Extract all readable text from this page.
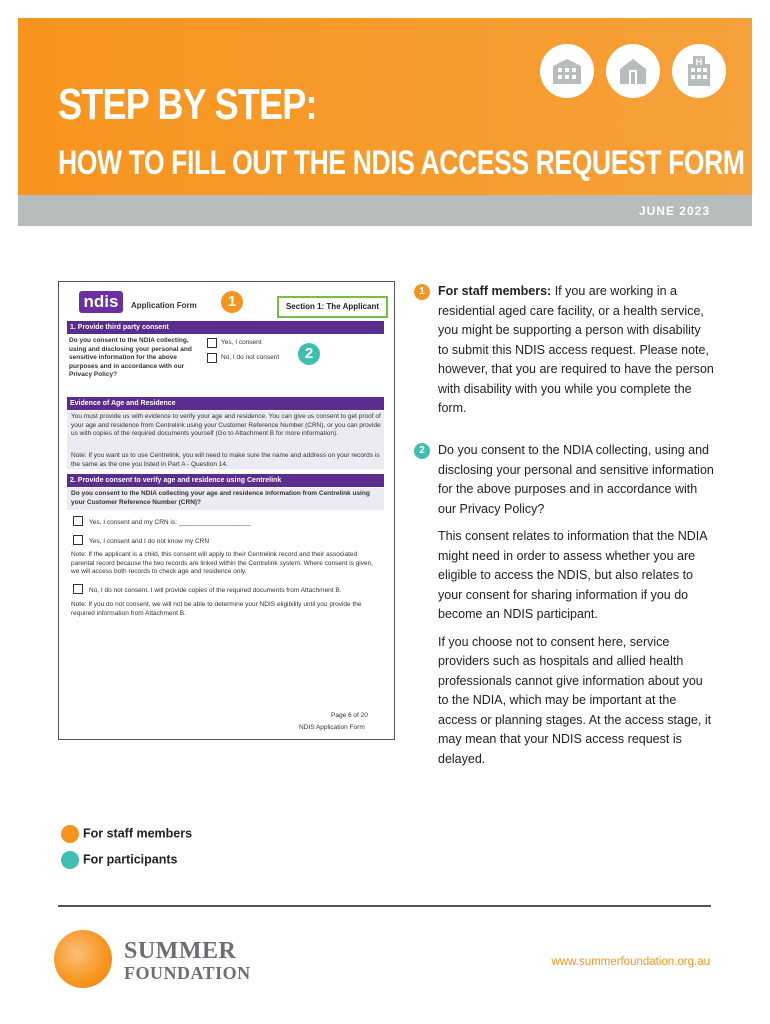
STEP BY STEP:
HOW TO FILL OUT THE NDIS ACCESS REQUEST FORM
H
JUNE 2023
ndis	Application Form	1	Section 1: The Applicant
1. Provide third party consent
Do you consent to the NDIA collecting, using and disclosing your personal and sensitive information for the above purposes and in accordance with our Privacy Policy?
Yes, I consent
No, I do not consent	2
Evidence of Age and Residence
You must provide us with evidence to verify your age and residence. You can give us consent to get proof of your age and residence from Centrelink using your Customer Reference Number (CRN), or you can provide us with copies of the required documents yourself (Go to Attachment B for more information).
Note: If you want us to use Centrelink, you will need to make sure the name and address on your records is the same as the one you listed in Part A - Question 14.
2. Provide consent to verify age and residence using Centrelink
Do you consent to the NDIA collecting your age and residence information from Centrelink using your Customer Reference Number (CRN)?
Yes, I consent and my CRN is: ____________________
Yes, I consent and I do not know my CRN
Note: If the applicant is a child, this consent will apply to their Centrelink record and their associated parental record because the two records are linked within the Centrelink system. Where consent is given, we will access both records to check age and residence only.
No, I do not consent. I will provide copies of the required documents from Attachment B.
Note: If you do not consent, we will not be able to determine your NDIS eligibility until you provide the required information from Attachment B.
Page 6 of 20
NDIS Application Form
1	For staff members: If you are working in a residential aged care facility, or a health service, you might be supporting a person with disability to submit this NDIS access request. Please note, however, that you are required to have the person with disability with you while you complete the form.

2	Do you consent to the NDIA collecting, using and disclosing your personal and sensitive information for the above purposes and in accordance with our Privacy Policy?

This consent relates to information that the NDIA might need in order to assess whether you are eligible to access the NDIS, but also relates to your consent for sharing information if you do become an NDIS participant.

If you choose not to consent here, service providers such as hospitals and allied health professionals cannot give information about you to the NDIA, which may be important at the access or planning stages. At the access stage, it may mean that your NDIS access request is delayed.

For staff members
For participants
SUMMER
FOUNDATION
www.summerfoundation.org.au
